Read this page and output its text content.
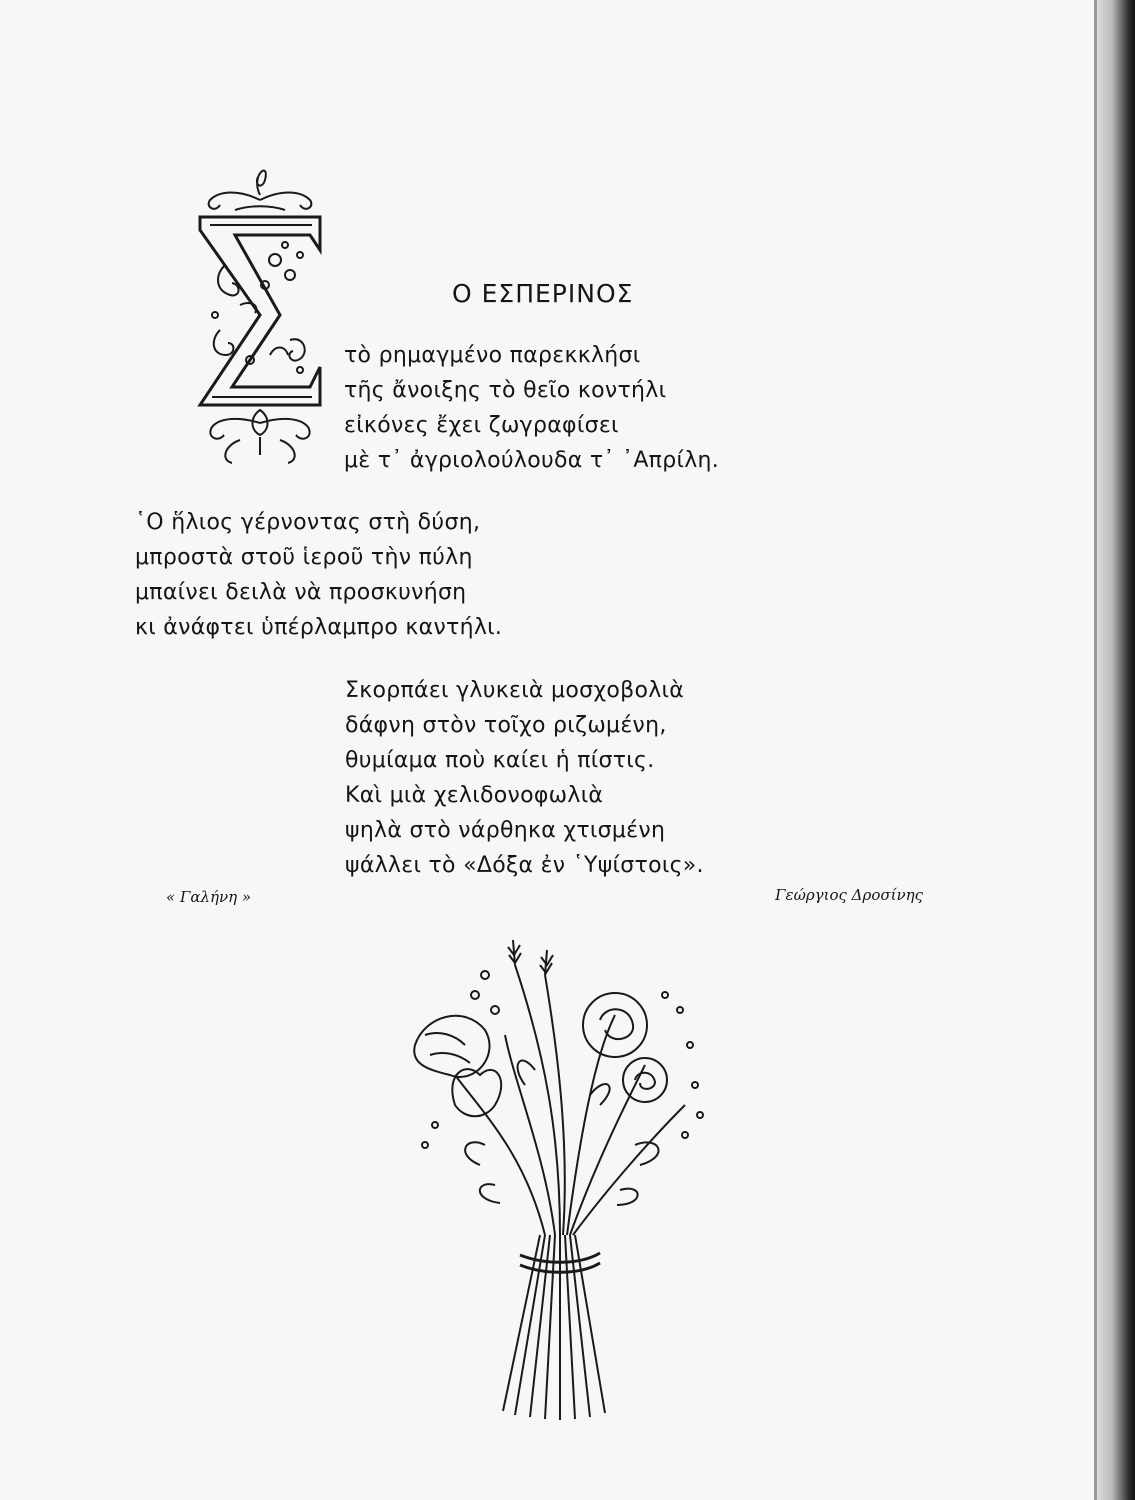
Ο ΕΣΠΕΡΙΝΟΣ
τὸ ρημαγμένο παρεκκλήσι
τῆς ἄνοιξης τὸ θεῖο κοντήλι
εἰκόνες ἔχει ζωγραφίσει
μὲ τ᾽ ἀγριολούλουδα τ᾽ ᾽Απρίλη.
῾Ο ἥλιος γέρνοντας στὴ δύση,
μπροστὰ στοῦ ἱεροῦ τὴν πύλη
μπαίνει δειλὰ νὰ προσκυνήση
κι ἀνάφτει ὑπέρλαμπρο καντήλι.
Σκορπάει γλυκειὰ μοσχοβολιὰ
δάφνη στὸν τοῖχο ριζωμένη,
θυμίαμα ποὺ καίει ἡ πίστις.
Καὶ μιὰ χελιδονοφωλιὰ
ψηλὰ στὸ νάρθηκα χτισμένη
ψάλλει τὸ «Δόξα ἐν ῾Υψίστοις».
« Γαλήνη »	Γεώργιος Δροσίνης
